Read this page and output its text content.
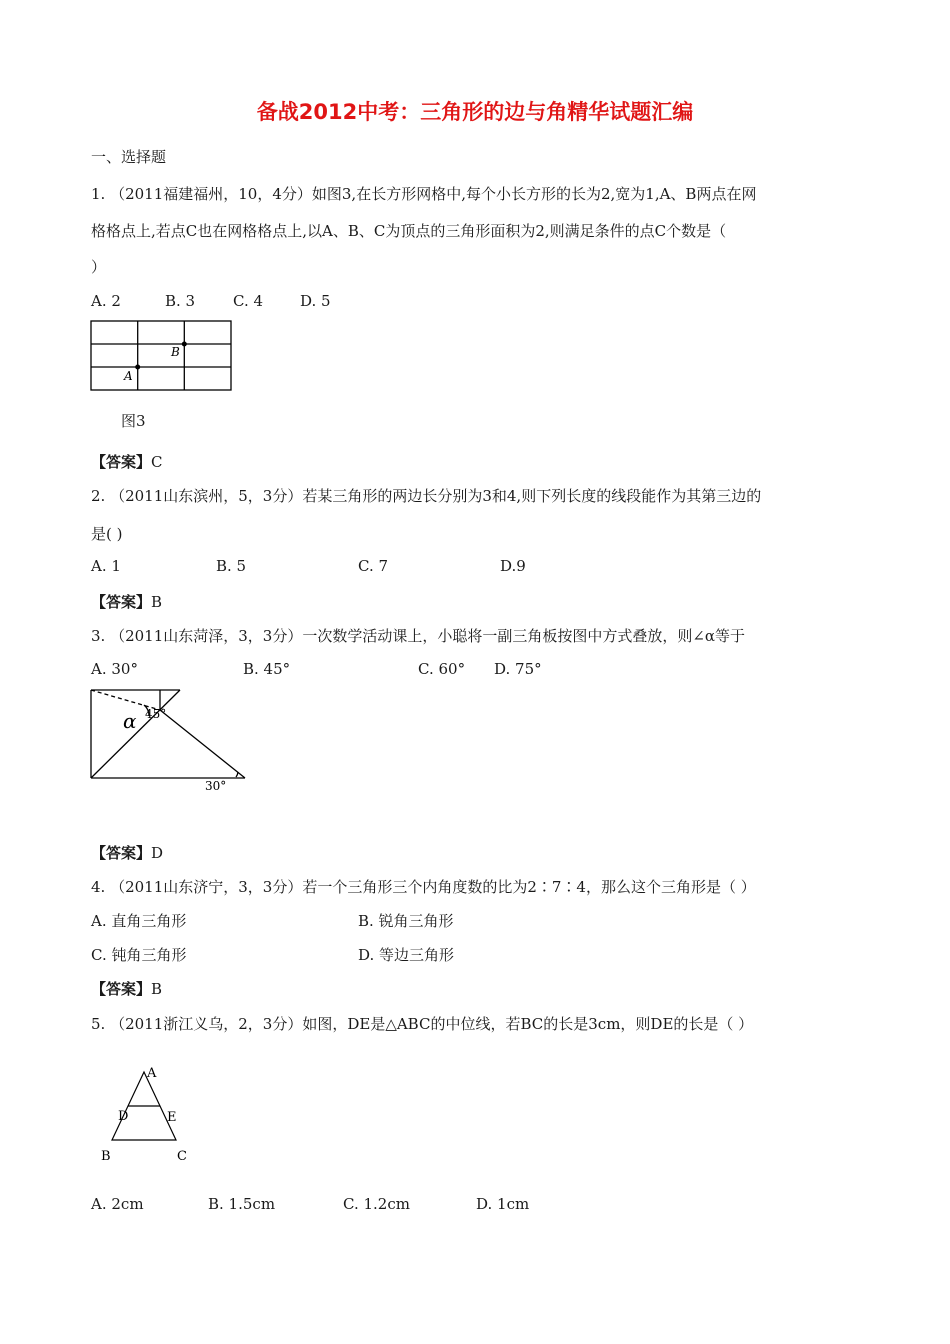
备战2012中考：三角形的边与角精华试题汇编
一、选择题
1. （2011福建福州，10，4分）如图3,在长方形网格中,每个小长方形的长为2,宽为1,A、B两点在网
格格点上,若点C也在网格格点上,以A、B、C为顶点的三角形面积为2,则满足条件的点C个数是（
）
A. 2	B. 3	C. 4 D. 5
B
A
图3
【答案】C
2. （2011山东滨州，5，3分）若某三角形的两边长分别为3和4,则下列长度的线段能作为其第三边的
是( )
A. 1	B. 5	C. 7	D.9
【答案】B
3. （2011山东菏泽，3，3分）一次数学活动课上，小聪将一副三角板按图中方式叠放，则∠α等于
A. 30°	B. 45°	C. 60° D. 75°
α 45°
30°
【答案】D
4. （2011山东济宁，3，3分）若一个三角形三个内角度数的比为2∶7∶4，那么这个三角形是（ ）
A. 直角三角形	B. 锐角三角形
C. 钝角三角形	D. 等边三角形
【答案】B
5. （2011浙江义乌，2，3分）如图，DE是△ABC的中位线，若BC的长是3cm，则DE的长是（ ）
A
D	E
B	C
A. 2cm	B. 1.5cm	C. 1.2cm	D. 1cm
